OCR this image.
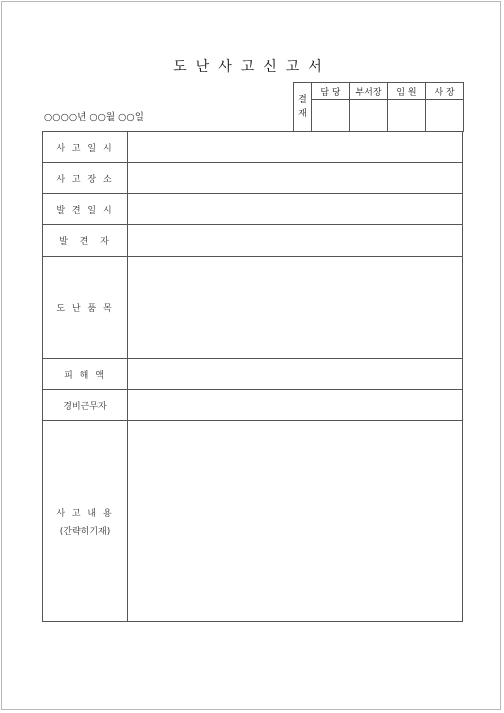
도난사고신고서
○○○○년 ○○월 ○○일
결
재	담 당	부서장	임 원	사 장

사 고 일 시	
사 고 장 소	
발 견 일 시	
발  견  자	
도 난 품 목	
피 해 액	
경비근무자	
사 고 내 용
(간략히기재)	
